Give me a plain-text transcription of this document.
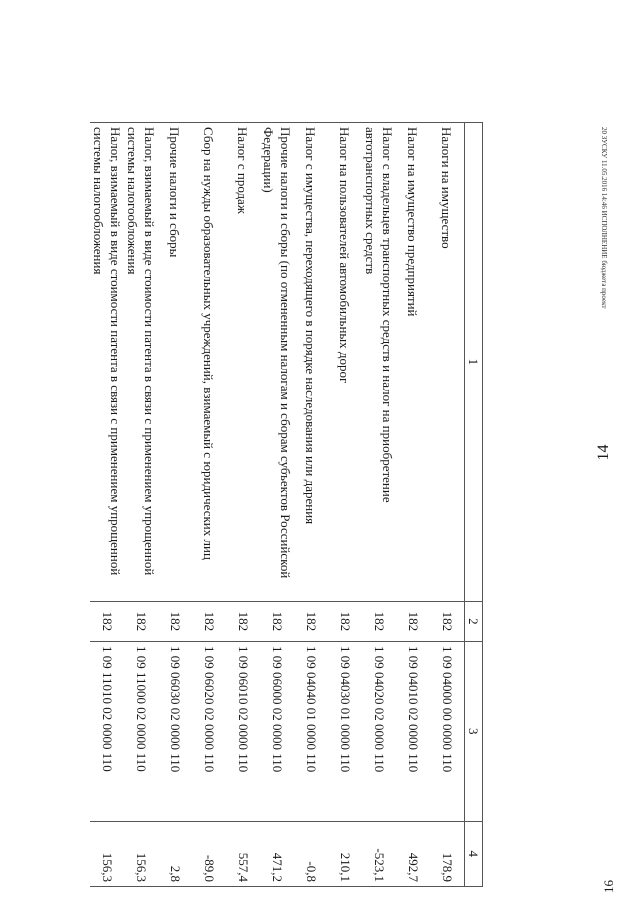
14
16
20 ЗУСКУ 11.05.2016 14:46 ИСПОЛНЕНИЕ бюджета проект
1	2	3	4
Налоги на имущество	182	1 09 04000 00 0000 110	178,9
Налог на имущество предприятий	182	1 09 04010 02 0000 110	492,7
Налог с владельцев транспортных средств и налог на приобретение автотранспортных средств	182	1 09 04020 02 0000 110	-523,1
Налог на пользователей автомобильных дорог	182	1 09 04030 01 0000 110	210,1
Налог с имущества, переходящего в порядке наследования или дарения	182	1 09 04040 01 0000 110	-0,8
Прочие налоги и сборы (по отмененным налогам и сборам субъектов Российской Федерации)	182	1 09 06000 02 0000 110	471,2
Налог с продаж	182	1 09 06010 02 0000 110	557,4
Сбор на нужды образовательных учреждений, взимаемый с юридических лиц	182	1 09 06020 02 0000 110	-89,0
Прочие налоги и сборы	182	1 09 06030 02 0000 110	2,8
Налог, взимаемый в виде стоимости патента в связи с применением упрощенной системы налогообложения	182	1 09 11000 02 0000 110	156,3
Налог, взимаемый в виде стоимости патента в связи с применением упрощенной системы налогообложения	182	1 09 11010 02 0000 110	156,3
